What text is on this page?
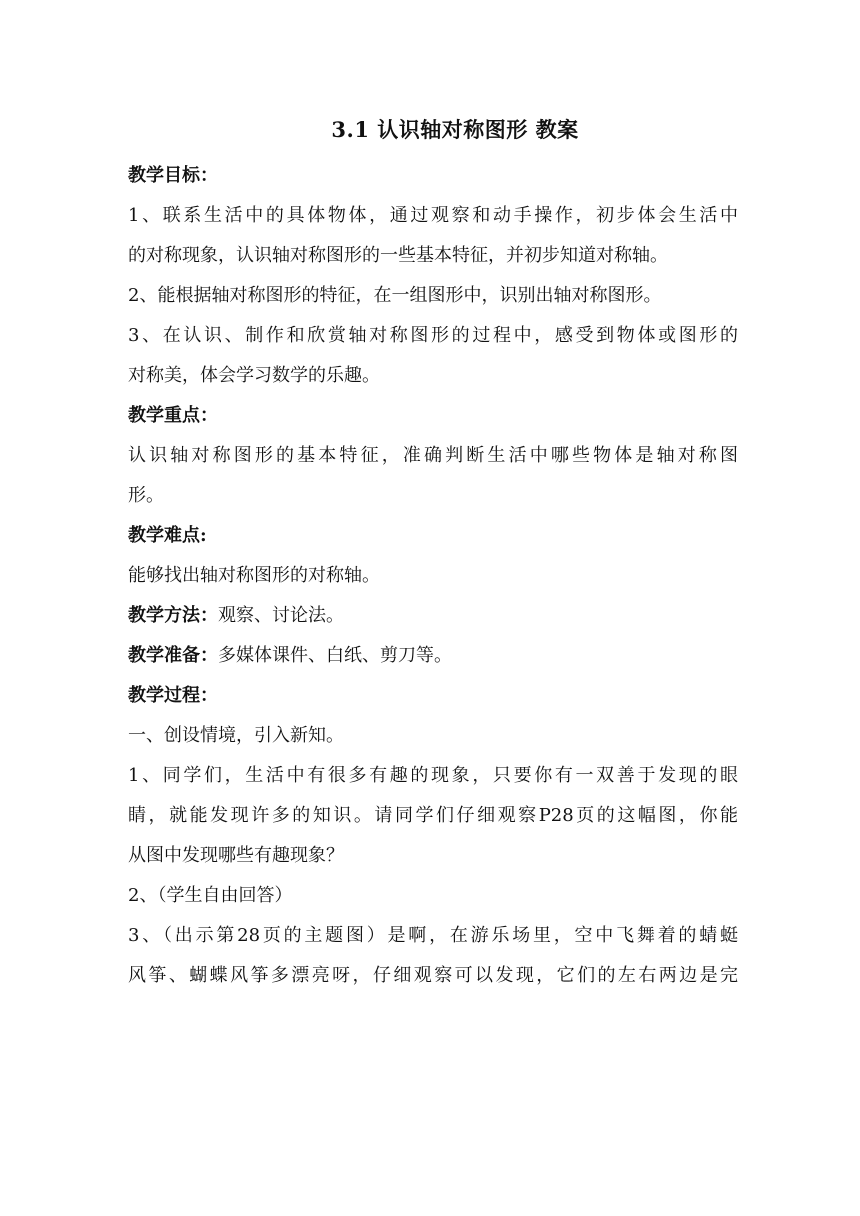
3.1 认识轴对称图形 教案
教学目标：
1、联系生活中的具体物体，通过观察和动手操作，初步体会生活中
的对称现象，认识轴对称图形的一些基本特征，并初步知道对称轴。
2、能根据轴对称图形的特征，在一组图形中，识别出轴对称图形。
3、在认识、制作和欣赏轴对称图形的过程中，感受到物体或图形的
对称美，体会学习数学的乐趣。
教学重点：
认识轴对称图形的基本特征，准确判断生活中哪些物体是轴对称图
形。
教学难点:
能够找出轴对称图形的对称轴。
教学方法：观察、讨论法。
教学准备：多媒体课件、白纸、剪刀等。
教学过程：
一、创设情境，引入新知。
1、同学们，生活中有很多有趣的现象，只要你有一双善于发现的眼
睛，就能发现许多的知识。请同学们仔细观察P28页的这幅图，你能
从图中发现哪些有趣现象？
2、（学生自由回答）
3、（出示第28页的主题图）是啊，在游乐场里，空中飞舞着的蜻蜓
风筝、蝴蝶风筝多漂亮呀，仔细观察可以发现，它们的左右两边是完
